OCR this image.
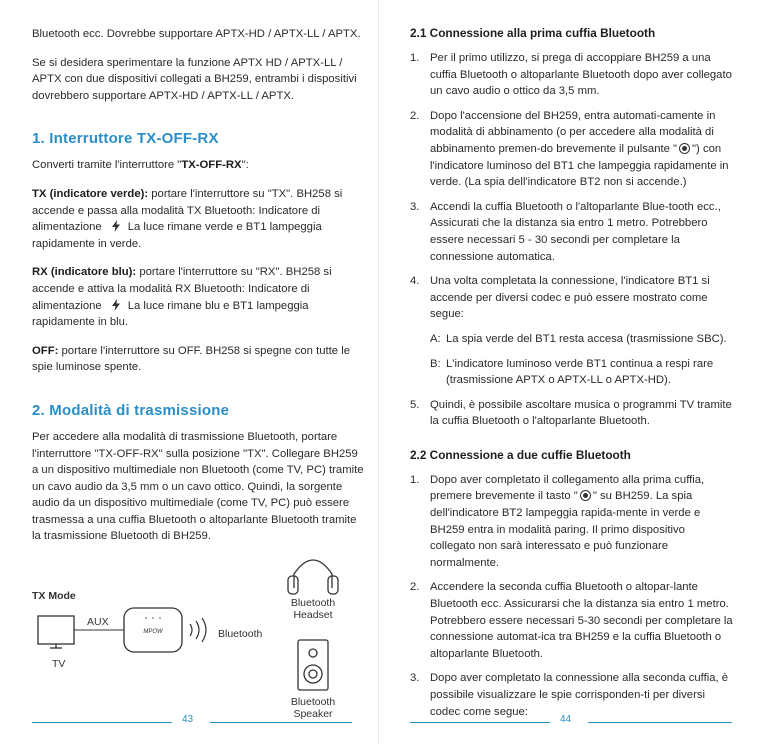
Bluetooth ecc. Dovrebbe supportare APTX-HD / APTX-LL / APTX.

Se si desidera sperimentare la funzione APTX HD / APTX-LL / APTX con due dispositivi collegati a BH259, entrambi i dispositivi dovrebbero supportare APTX-HD / APTX-LL / APTX.

1. Interruttore TX-OFF-RX

Converti tramite l'interruttore "TX-OFF-RX":

TX (indicatore verde): portare l'interruttore su "TX". BH258 si accende e passa alla modalità TX Bluetooth: Indicatore di alimentazione La luce rimane verde e BT1 lampeggia rapidamente in verde.

RX (indicatore blu): portare l'interruttore su "RX". BH258 si accende e attiva la modalità RX Bluetooth: Indicatore di alimentazione La luce rimane blu e BT1 lampeggia rapidamente in blu.

OFF: portare l'interruttore su OFF. BH258 si spegne con tutte le spie luminose spente.

2. Modalità di trasmissione

Per accedere alla modalità di trasmissione Bluetooth, portare l'interruttore "TX-OFF-RX" sulla posizione "TX". Collegare BH259 a un dispositivo multimediale non Bluetooth (come TV, PC) tramite un cavo audio da 3,5 mm o un cavo ottico. Quindi, la sorgente audio da un dispositivo multimediale (come TV, PC) può essere trasmessa a una cuffia Bluetooth o altoparlante Bluetooth tramite la trasmissione Bluetooth di BH259.

TX Mode
AUX
TV
Bluetooth
Bluetooth
Headset
Bluetooth
Speaker
MPOW
43
2.1 Connessione alla prima cuffia Bluetooth
1. Per il primo utilizzo, si prega di accoppiare BH259 a una cuffia Bluetooth o altoparlante Bluetooth dopo aver collegato un cavo audio o ottico da 3,5 mm.
2. Dopo l'accensione del BH259, entra automati-camente in modalità di abbinamento (o per accedere alla modalità di abbinamento premen-do brevemente il pulsante " ") con l'indicatore luminoso del BT1 che lampeggia rapidamente in verde. (La spia dell'indicatore BT2 non si accende.)
3. Accendi la cuffia Bluetooth o l'altoparlante Blue-tooth ecc., Assicurati che la distanza sia entro 1 metro. Potrebbero essere necessari 5 - 30 secondi per completare la connessione automatica.
4. Una volta completata la connessione, l'indicatore BT1 si accende per diversi codec e può essere mostrato come segue:
A: La spia verde del BT1 resta accesa (trasmissione SBC).
B: L'indicatore luminoso verde BT1 continua a respi rare (trasmissione APTX o APTX-LL o APTX-HD).
5. Quindi, è possibile ascoltare musica o programmi TV tramite la cuffia Bluetooth o l'altoparlante Bluetooth.
2.2 Connessione a due cuffie Bluetooth
1. Dopo aver completato il collegamento alla prima cuffia, premere brevemente il tasto " " su BH259. La spia dell'indicatore BT2 lampeggia rapida-mente in verde e BH259 entra in modalità paring. Il primo dispositivo collegato non sarà interessato e può funzionare normalmente.
2. Accendere la seconda cuffia Bluetooth o altopar-lante Bluetooth ecc. Assicurarsi che la distanza sia entro 1 metro. Potrebbero essere necessari 5-30 secondi per completare la connessione automat-ica tra BH259 e la cuffia Bluetooth o altoparlante Bluetooth.
3. Dopo aver completato la connessione alla seconda cuffia, è possibile visualizzare le spie corrisponden-ti per diversi codec come segue:
44
